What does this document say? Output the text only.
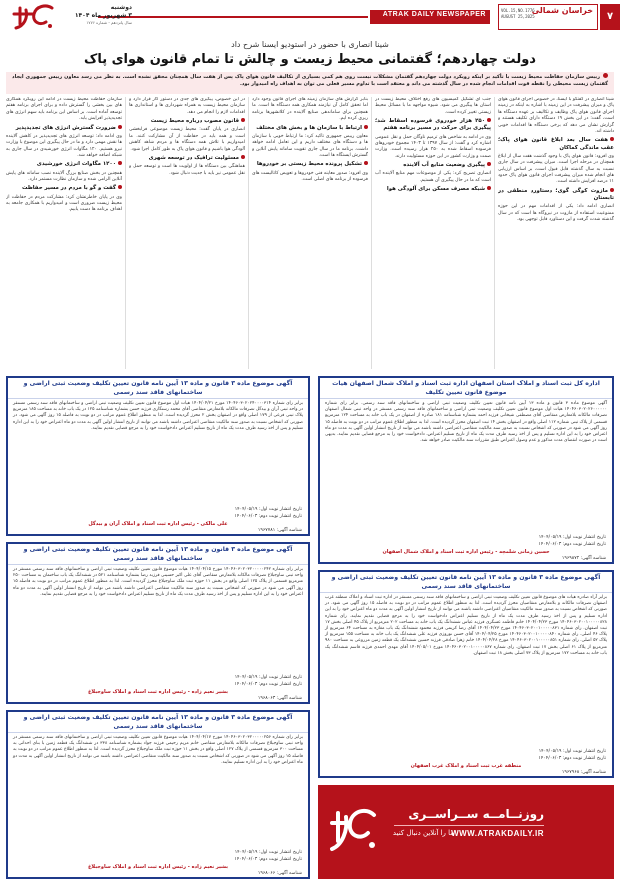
۷
خراسان شمالی
VOL.15,NO.1776
AUGUST 25,2025
ATRAK DAILY NEWSPAPER
دوشنبه
۳ شهریور ماه ۱۴۰۴
سال پانزدهم - شماره ۱۷۷۶
شینا انصاری با حضور در استودیو ایسنا شرح داد
دولت چهاردهم؛ گفتمانی محیط زیست و چالش تا تمام قانون هوای پاک
رییس سازمان حفاظت محیط زیست با تأکید بر اینکه رویکرد دولت چهاردهم گفتمان مشکلات نیست روی هم کمی بسیاری از تکالیف قانون هوای پاک پس از هفت سال همچنان محقق نشده است. به نظر می رسد معاون رییس جمهوری ایجاد گفتمان زیست محیطی را نقطه قوت اقدامات انجام شده در سال گذشته می داند و معتقد است با تداوم مسیر فعلی می توان به اهداف راه امیدوار بود.
شینا انصاری در گفتگو با ایسنا، در خصوص اجرای قانون هوای پاک و میزان پیشرفت در این زمینه با اشاره به اینکه در زمینه اجرای قانون هوای پاک وظایف و تکالیف بر عهده دستگاه ها است، گفت: در این بخش ۱۹ دستگاه دارای تکلیف هستند و گزارش نشان می دهد که برخی دستگاه ها اقدامات خوبی داشته اند.
هفت سال بعد ابلاغ قانون هوای پاک؛ عقب ماندگی کماکان
وی افزود: قانون هوای پاک با وجود گذشت هفت سال از ابلاغ همچنان در مرحله اجرا است. میزان پیشرفت در سال جاری نسبت به سال گذشته قابل قبول است، بر اساس ارزیابی های انجام شده میزان پیشرفت اجرای قانون هوای پاک حدود ۱۱ درصد افزایش داشته است.
مازوت کوگی گوی؛ دستاورد منطقی در تابستان
انصاری ادامه داد: یکی از اقدامات مهم در این حوزه ممنوعیت استفاده از مازوت در نیروگاه ها است که در سال گذشته شدت گرفت و این دستاورد قابل توجهی بود.
جنب ای تشکیل کمیسیون های رفع اختلاف محیط زیست در استان ها پیگیری می شود. شیوه مواجهه ما با مسائل محیط زیستی تغییر کرده است.
۲۵۰ هزار خودروی فرسوده اسقاط شد؛ پیگیری برای حرکت در مسیر برنامه هفتم
وی در ادامه به شاخص های ترمیم ناوگان حمل و نقل عمومی اشاره کرد و گفت: از سال ۱۳۹۷ تا ۱۴۰۳ مجموع خودروهای فرسوده اسقاط شده به ۲۵۰ هزار رسیده است. وزارت صمت و وزارت کشور در این حوزه مسئولیت دارند.
پیگیری وضعیت منابع آب آلاینده
انصاری تصریح کرد: یکی از موضوعات مهم منابع آلاینده آب است که ما در حال پیگیری آن هستیم.
شبکه مصرف مسکن برای آلودگی هوا
بنابر گزارش های سازمان زمینه های اجرای قانون وجود دارد اما تحقق کامل آن نیازمند همکاری همه دستگاه ها است. ما همچنین برای ساماندهی صنایع آلاینده در کلانشهرها برنامه ریزی کرده ایم.
ارتباط با سازمان ها و بخش های مختلف
معاون رییس جمهوری تاکید کرد: ما ارتباط خوبی با سازمان ها و دستگاه های مختلف داریم و این تعامل ادامه خواهد داشت. برنامه ما در سال جاری تقویت سامانه پایش آنلاین و گسترش ایستگاه ها است.
تشکیل پرونده محیط زیستی بر خودروها
وی افزود: صدور معاینه فنی خودروها و تعویض کاتالیست های فرسوده از برنامه های اصلی است.
در این خصوص، پیگیری های جدی در دستور کار قرار دارد و سازمان محیط زیست به همراه شهرداری ها و استانداری ها اقدامات لازم را انجام می دهد.
قانون مصوب درباره محیط زیست
انصاری در پایان گفت: محیط زیست موضوعی فرابخشی است و همه باید در حفاظت از آن مشارکت کنند. ما امیدواریم با تلاش همه دستگاه ها و مردم شاهد کاهش آلودگی هوا باشیم و قانون هوای پاک به طور کامل اجرا شود.
مسئولیت ترافیک در توسعه شهری
هماهنگی بین دستگاه ها از اولویت ها است و توسعه حمل و نقل عمومی نیز باید با جدیت دنبال شود.
سازمان حفاظت محیط زیست در ادامه این رویکرد همکاری های بین بخشی را گسترش داده و برای اجرای برنامه هفتم توسعه آماده است. بر اساس این برنامه باید سهم انرژی های تجدیدپذیر افزایش یابد.
ضرورت گسترش انرژی های تجدیدپذیر
وی ادامه داد: توسعه انرژی های تجدیدپذیر در کاهش آلاینده ها نقش مهمی دارد و ما در حال پیگیری این موضوع با وزارت نیرو هستیم. ۱۲۰ مگاوات انرژی خورشیدی در سال جاری به شبکه اضافه خواهد شد.
۱۲۰۰ مگاوات انرژی خورشیدی
همچنین در بخش صنایع بزرگ آلاینده نصب سامانه های پایش آنلاین الزامی شده و سازمان نظارت مستمر دارد.
گفت و گو با مردم در مسیر حفاظت
وی در پایان خاطرنشان کرد: مشارکت مردم در حفاظت از محیط زیست ضروری است و امیدواریم با همکاری جامعه به اهداف برنامه ها دست یابیم.
اداره کل ثبت اسناد و املاک استان اصفهان اداره ثبت اسناد و املاک شمال اصفهان هیات موضوع قانون تعیین تکلیف
آگهی موضوع ماده ۳ قانون و ماده ۱۳ آیین نامه قانون تعیین تکلیف وضعیت ثبتی اراضی و ساختمانهای فاقد سند رسمی. برابر رای شماره ۱۴۰۴۶۰۳۰۲۰۲۶۰۰۰۰۰۰ هیات اول موضوع قانون تعیین تکلیف وضعیت ثبتی اراضی و ساختمانهای فاقد سند رسمی مستقر در واحد ثبتی شمال اصفهان تصرفات مالکانه بلامعارض متقاضی آقای مصطفی شیخانی فرزند احمد بشماره شناسنامه ۱۸۱ صادره از اصفهان در یک باب خانه به مساحت ۱۲۴ مترمربع قسمتی از پلاک ثبتی شماره ۱۱۲ اصلی واقع در اصفهان بخش ۱۴ ثبت اصفهان محرز گردیده است. لذا به منظور اطلاع عموم مراتب در دو نوبت به فاصله ۱۵ روز آگهی می شود در صورتی که اشخاص نسبت به صدور سند مالکیت متقاضی اعتراضی داشته باشند می توانند از تاریخ انتشار اولین آگهی به مدت دو ماه اعتراض خود را به این اداره تسلیم و پس از اخذ رسید ظرف مدت یک ماه از تاریخ تسلیم اعتراض، دادخواست خود را به مرجع قضایی تقدیم نمایند. بدیهی است در صورت انقضای مدت مذکور و عدم وصول اعتراض طبق مقررات سند مالکیت صادر خواهد شد.
تاریخ انتشار نوبت اول: ۱۴۰۴/۰۵/۱۹
تاریخ انتشار نوبت دوم: ۱۴۰۴/۰۶/۰۳
حسین زمانی شلمچه - رئیس اداره ثبت اسناد و املاک شمال اصفهان
شناسه آگهی: ۱۹۶۹۸۷۲
آگهی موضوع ماده ۳ قانون و ماده ۱۳ آیین نامه قانون تعیین تکلیف وضعیت ثبتی اراضی و ساختمانهای فاقد سند رسمی
برابر آراء صادره هیات های موضوع قانون تعیین تکلیف وضعیت ثبتی اراضی و ساختمانهای فاقد سند رسمی مستقر در اداره ثبت اسناد و املاک منطقه غرب اصفهان تصرفات مالکانه و بلامعارض متقاضیان محرز گردیده است. لذا به منظور اطلاع عموم مراتب در دو نوبت به فاصله ۱۵ روز آگهی می شود. در صورتی که اشخاص نسبت به صدور سند مالکیت متقاضیان اعتراضی داشته باشند می توانند از تاریخ انتشار اولین آگهی به مدت دو ماه اعتراض خود را به این اداره تسلیم و پس از اخذ رسید ظرف مدت یک ماه از تاریخ تسلیم اعتراض دادخواست خود را به مرجع قضایی تقدیم نمایند. رای شماره ۱۴۰۴۶۰۳۰۲۰۰۱۰۰۰۰۰۸۲۸ مورخ ۱۴۰۴/۰۴/۲۳ خانم فاطمه عسگری فرزند عباس ششدانگ یک باب خانه به مساحت ۲۰۲ مترمربع از پلاک ۴۵ اصلی بخش ۱۷ ثبت اصفهان. رای شماره ۱۴۰۴۶۰۳۰۲۰۰۱۰۰۰۰۰۸۳۱ مورخ ۱۴۰۴/۰۴/۲۳ آقای رضا کریمی فرزند محمود ششدانگ یک باب مغازه به مساحت ۶۴ مترمربع از پلاک ۴۶ اصلی. رای شماره ۱۴۰۴۶۰۳۰۲۰۰۱۰۰۰۰۰۸۴۰ مورخ ۱۴۰۴/۰۴/۲۵ آقای حسن نوروزی فرزند علی ششدانگ یک باب خانه به مساحت ۱۵۵ مترمربع از پلاک ۵۲ اصلی. رای شماره ۱۴۰۴۶۰۳۰۲۰۰۱۰۰۰۰۰۸۵۱ مورخ ۱۴۰۴/۰۴/۲۸ خانم زهرا صادقی فرزند حسین ششدانگ یک قطعه زمین مزروعی به مساحت ۹۸۰ مترمربع از پلاک ۶۱ اصلی بخش ۱۷ ثبت اصفهان. رای شماره ۱۴۰۴۶۰۳۰۲۰۰۱۰۰۰۰۰۸۶۷ مورخ ۱۴۰۴/۰۵/۰۱ آقای مهدی احمدی فرزند قاسم ششدانگ یک باب خانه به مساحت ۱۷۲ مترمربع از پلاک ۷۳ اصلی بخش ۱۸ ثبت اصفهان.
تاریخ انتشار نوبت اول: ۱۴۰۴/۰۵/۱۹
تاریخ انتشار نوبت دوم: ۱۴۰۴/۰۶/۰۳
منطقه غرب ثبت اسناد و املاک غرب اصفهان
شناسه آگهی: ۱۹۶۷۹۶۸
آگهی موضوع ماده ۳ قانون و ماده ۱۳ آیین نامه قانون تعیین تکلیف وضعیت ثبتی اراضی و ساختمانهای فاقد سند رسمی
برابر رای شماره ۱۴۰۴۶۰۳۰۲۰۲۴۰۰۰۰۳۱۴ مورخ ۱۴۰۴/۰۴/۲۱ هیات اول موضوع قانون تعیین تکلیف وضعیت ثبتی اراضی و ساختمانهای فاقد سند رسمی مستقر در واحد ثبتی آران و بیدگل تصرفات مالکانه بلامعارض متقاضی آقای محمد رستگاری فرزند حسن بشماره شناسنامه ۱۲۵ در یک باب خانه به مساحت ۱۸۵ مترمربع پلاک ثبتی فرعی از ۱۷۹ اصلی واقع در اصفهان بخش ۲ محرز گردیده است. لذا به منظور اطلاع عموم مراتب در دو نوبت به فاصله ۱۵ روز آگهی می شود. در صورتی که اشخاص نسبت به صدور سند مالکیت متقاضی اعتراضی داشته باشند می توانند از تاریخ انتشار اولین آگهی به مدت دو ماه اعتراض خود را به این اداره تسلیم و پس از اخذ رسید ظرف مدت یک ماه از تاریخ تسلیم اعتراض دادخواست خود را به مرجع قضایی تقدیم نمایند.
تاریخ انتشار نوبت اول: ۱۴۰۴/۰۵/۱۹
تاریخ انتشار نوبت دوم: ۱۴۰۴/۰۶/۰۳
علی مالکی - رئیس اداره ثبت اسناد و املاک آران و بیدگل
شناسه آگهی: ۱۹۶۷۷۸۱
آگهی موضوع ماده ۳ قانون و ماده ۱۳ آیین نامه قانون تعیین تکلیف وضعیت ثبتی اراضی و ساختمانهای فاقد سند رسمی
برابر رای شماره ۱۴۰۴۶۰۳۰۲۰۳۲۰۰۰۰۰۲۴۲ مورخ ۱۴۰۴/۰۴/۱۵ هیات موضوع قانون تعیین تکلیف وضعیت ثبتی اراضی و ساختمانهای فاقد سند رسمی مستقر در واحد ثبتی ساوجبلاغ تصرفات مالکانه بلامعارض متقاضی آقای علی اکبر حسینی فرزند رضا بشماره شناسنامه ۵۲۱ در ششدانگ یک باب ساختمان به مساحت ۲۵۰ مترمربع قسمتی از پلاک ۱۲۵ اصلی واقع در بخش ۱۱ حوزه ثبت ملک ساوجبلاغ محرز گردیده است. لذا به منظور اطلاع عموم مراتب در دو نوبت به فاصله ۱۵ روز آگهی می شود در صورتی که اشخاص نسبت به صدور سند مالکیت متقاضی اعتراضی داشته باشند می توانند از تاریخ انتشار اولین آگهی به مدت دو ماه اعتراض خود را به این اداره تسلیم و پس از اخذ رسید ظرف مدت یک ماه از تاریخ تسلیم اعتراض دادخواست خود را به مرجع قضایی تقدیم نمایند.
تاریخ انتشار نوبت اول: ۱۴۰۴/۰۵/۱۹
تاریخ انتشار نوبت دوم: ۱۴۰۴/۰۶/۰۳
بشیر نعیم زاده - رئیس اداره ثبت اسناد و املاک ساوجبلاغ
شناسه آگهی: ۱۹۶۸۰۶۳
آگهی موضوع ماده ۳ قانون و ماده ۱۳ آیین نامه قانون تعیین تکلیف وضعیت ثبتی اراضی و ساختمانهای فاقد سند رسمی
برابر رای شماره ۱۴۰۴۶۰۳۰۲۰۳۲۰۰۰۰۰۲۵۶ مورخ ۱۴۰۴/۰۴/۱۷ هیات موضوع قانون تعیین تکلیف وضعیت ثبتی اراضی و ساختمانهای فاقد سند رسمی مستقر در واحد ثبتی ساوجبلاغ تصرفات مالکانه بلامعارض متقاضی خانم مریم رحیمی فرزند جواد بشماره شناسنامه ۳۳۸ در ششدانگ یک قطعه زمین با بنای احداثی به مساحت ۳۰۰ مترمربع قسمتی از پلاک ۱۲۷ اصلی واقع در بخش ۱۱ حوزه ثبت ملک ساوجبلاغ محرز گردیده است. لذا به منظور اطلاع عموم مراتب در دو نوبت به فاصله ۱۵ روز آگهی می شود در صورتی که اشخاص نسبت به صدور سند مالکیت متقاضی اعتراضی داشته باشند می توانند از تاریخ انتشار اولین آگهی به مدت دو ماه اعتراض خود را به این اداره تسلیم نمایند.
تاریخ انتشار نوبت اول: ۱۴۰۴/۰۵/۱۹
تاریخ انتشار نوبت دوم: ۱۴۰۴/۰۶/۰۳
بشیر نعیم زاده - رئیس اداره ثبت اسناد و املاک ساوجبلاغ
شناسه آگهی: ۱۹۶۸۰۶۶
روزنــامــه ســراســری
WWW.ATRAKDAILY.IR
ما را آنلاین دنبال کنید
